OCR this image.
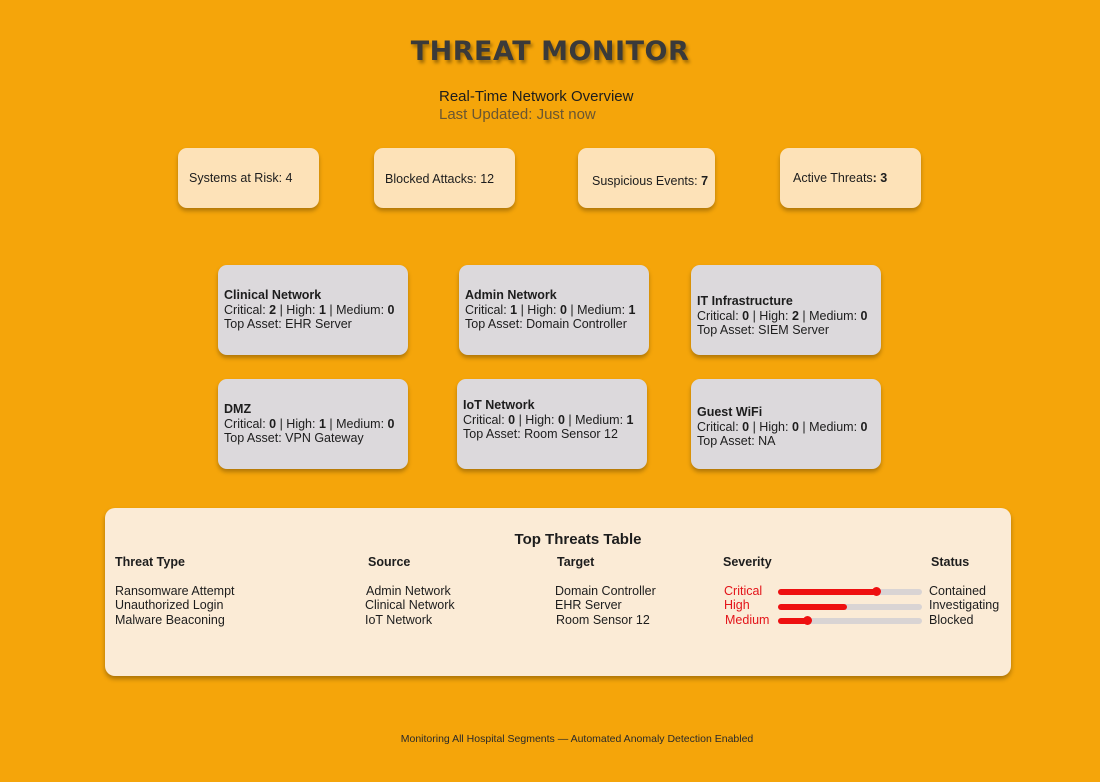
THREAT MONITOR
Real-Time Network Overview
Last Updated: Just now
Systems at Risk: 4	Blocked Attacks: 12	Suspicious Events: 7	Active Threats : 3
Clinical Network
Critical: 2 | High: 1 | Medium: 0
Top Asset: EHR Server
Admin Network
Critical: 1 | High: 0 | Medium: 1
Top Asset: Domain Controller
IT Infrastructure
Critical: 0 | High: 2 | Medium: 0
Top Asset: SIEM Server
DMZ
Critical: 0 | High: 1 | Medium: 0
Top Asset: VPN Gateway
IoT Network
Critical: 0 | High: 0 | Medium: 1
Top Asset: Room Sensor 12
Guest WiFi
Critical: 0 | High: 0 | Medium: 0
Top Asset: NA
Top Threats Table
Threat Type	Source	Target	Severity	Status
Ransomware Attempt	Admin Network	Domain Controller	Critical	Contained
Unauthorized Login	Clinical Network	EHR Server	High	Investigating
Malware Beaconing	IoT Network	Room Sensor 12	Medium	Blocked
Monitoring All Hospital Segments — Automated Anomaly Detection Enabled
